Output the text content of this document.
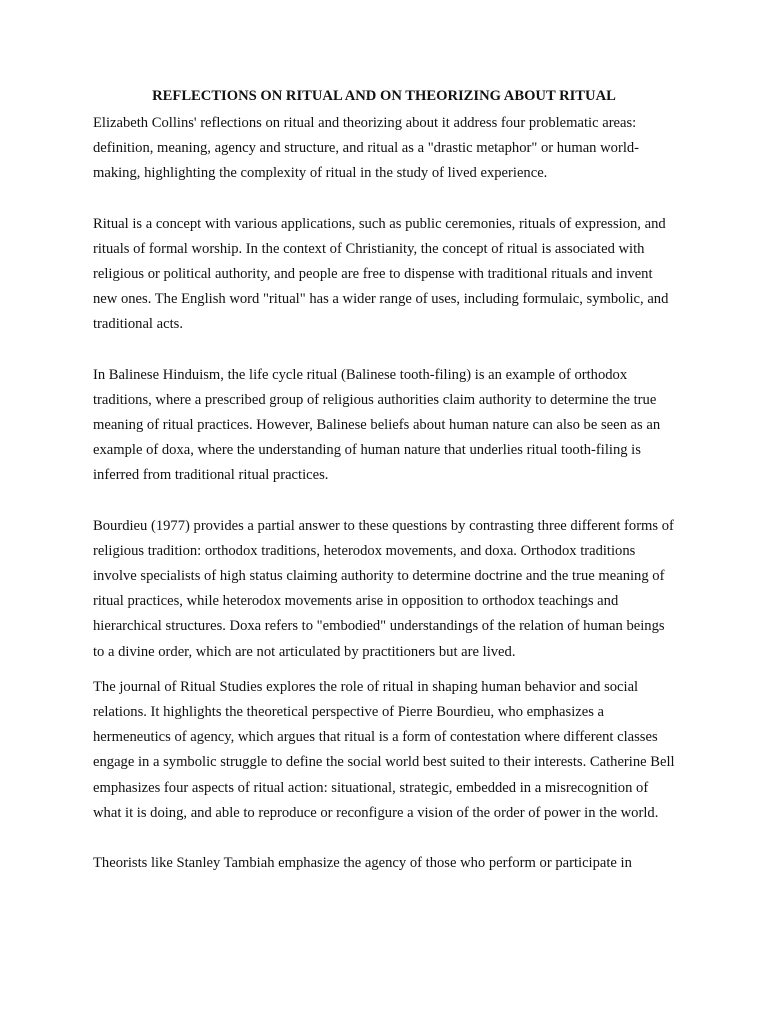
REFLECTIONS ON RITUAL AND ON THEORIZING ABOUT RITUAL

Elizabeth Collins' reflections on ritual and theorizing about it address four problematic areas: definition, meaning, agency and structure, and ritual as a "drastic metaphor" or human world-making, highlighting the complexity of ritual in the study of lived experience.

Ritual is a concept with various applications, such as public ceremonies, rituals of expression, and rituals of formal worship. In the context of Christianity, the concept of ritual is associated with religious or political authority, and people are free to dispense with traditional rituals and invent new ones. The English word "ritual" has a wider range of uses, including formulaic, symbolic, and traditional acts.

In Balinese Hinduism, the life cycle ritual (Balinese tooth-filing) is an example of orthodox traditions, where a prescribed group of religious authorities claim authority to determine the true meaning of ritual practices. However, Balinese beliefs about human nature can also be seen as an example of doxa, where the understanding of human nature that underlies ritual tooth-filing is inferred from traditional ritual practices.

Bourdieu (1977) provides a partial answer to these questions by contrasting three different forms of religious tradition: orthodox traditions, heterodox movements, and doxa. Orthodox traditions involve specialists of high status claiming authority to determine doctrine and the true meaning of ritual practices, while heterodox movements arise in opposition to orthodox teachings and hierarchical structures. Doxa refers to "embodied" understandings of the relation of human beings to a divine order, which are not articulated by practitioners but are lived.

The journal of Ritual Studies explores the role of ritual in shaping human behavior and social relations. It highlights the theoretical perspective of Pierre Bourdieu, who emphasizes a hermeneutics of agency, which argues that ritual is a form of contestation where different classes engage in a symbolic struggle to define the social world best suited to their interests. Catherine Bell emphasizes four aspects of ritual action: situational, strategic, embedded in a misrecognition of what it is doing, and able to reproduce or reconfigure a vision of the order of power in the world.

Theorists like Stanley Tambiah emphasize the agency of those who perform or participate in
